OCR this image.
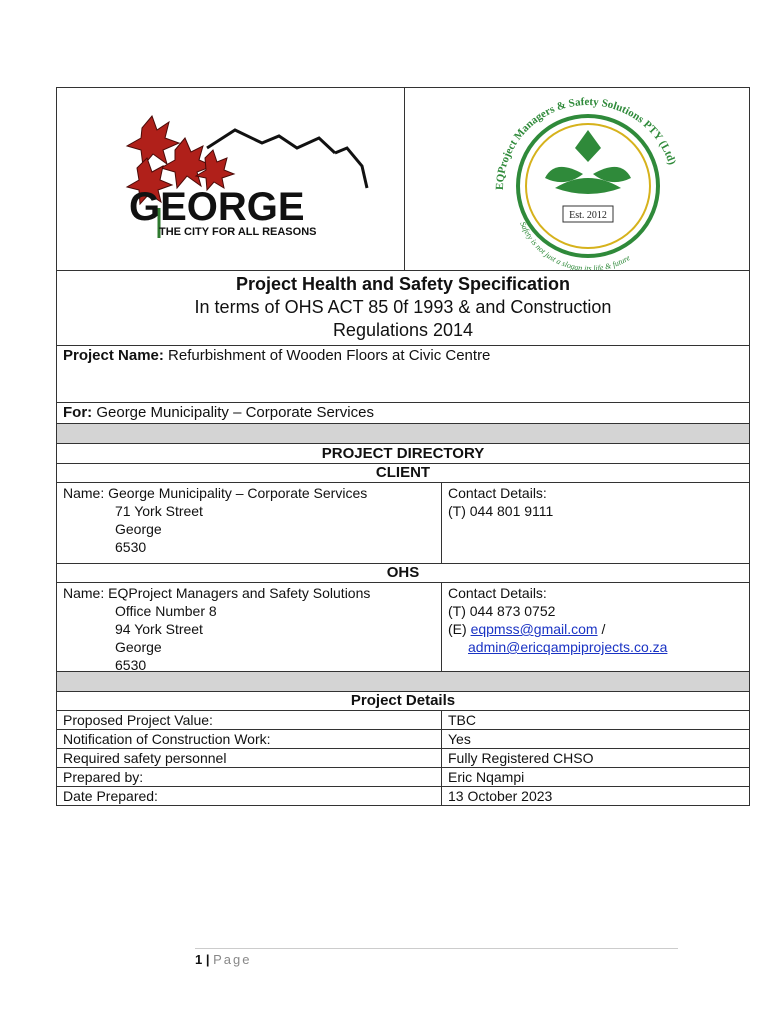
GEORGE
THE CITY FOR ALL REASONS
Est. 2012
EQProject Managers & Safety Solutions PTY (Ltd)
Safety is not just a slogan its life & future
Project Health and Safety Specification
In terms of OHS ACT 85 0f 1993 & and Construction
Regulations 2014
Project Name: Refurbishment of Wooden Floors at Civic Centre
For: George Municipality – Corporate Services
PROJECT DIRECTORY
CLIENT
Name: George Municipality – Corporate Services
71 York Street
George
6530
Contact Details:
(T) 044 801 9111
OHS
Name: EQProject Managers and Safety Solutions
Office Number 8
94 York Street
George
6530
Contact Details:
(T) 044 873 0752
(E) eqpmss@gmail.com /
admin@ericqampiprojects.co.za
Project Details
Proposed Project Value:	TBC
Notification of Construction Work:	Yes
Required safety personnel	Fully Registered CHSO
Prepared by:	Eric Nqampi
Date Prepared:	13 October 2023
1 | Page
